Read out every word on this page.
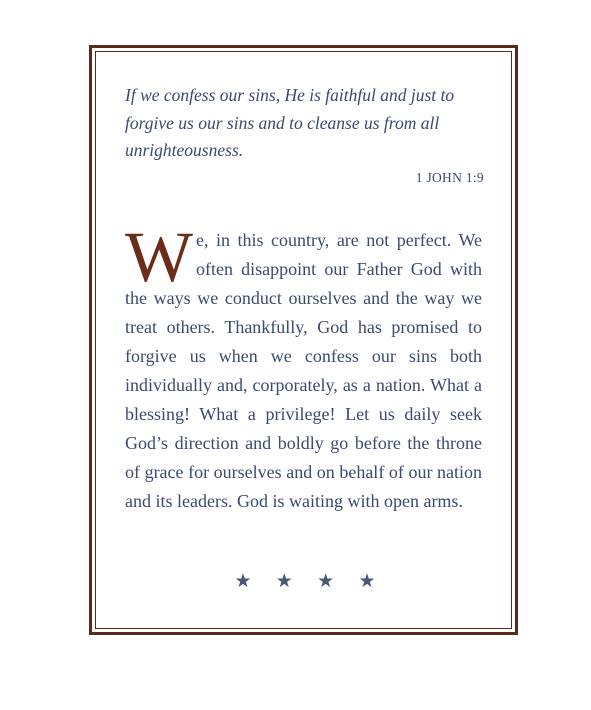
If we confess our sins, He is faithful and just to forgive us our sins and to cleanse us from all unrighteousness.
1 JOHN 1:9
We, in this country, are not perfect. We often disappoint our Father God with the ways we conduct ourselves and the way we treat others. Thankfully, God has promised to forgive us when we confess our sins both individually and, corporately, as a nation. What a blessing! What a privilege! Let us daily seek God’s direction and boldly go before the throne of grace for ourselves and on behalf of our nation and its leaders. God is waiting with open arms.
★	★	★	★
